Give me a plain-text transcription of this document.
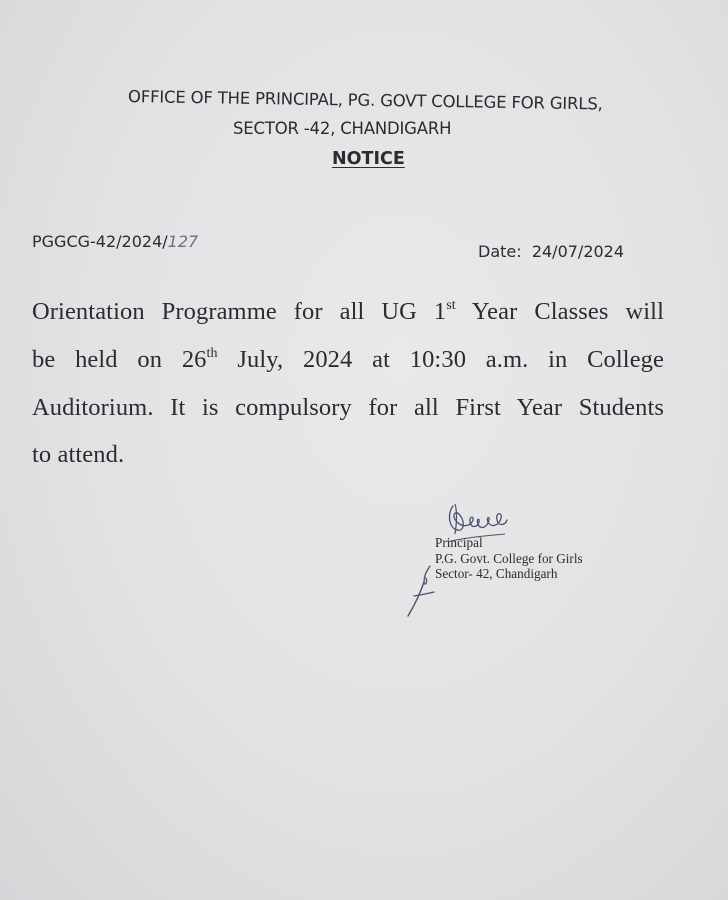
OFFICE OF THE PRINCIPAL, PG. GOVT COLLEGE FOR GIRLS,
SECTOR -42, CHANDIGARH
NOTICE
PGGCG-42/2024/127
Date: 24/07/2024
Orientation Programme for all UG 1st Year Classes will
be held on 26th July, 2024 at 10:30 a.m. in College
Auditorium. It is compulsory for all First Year Students
to attend.
Principal
P.G. Govt. College for Girls
Sector- 42, Chandigarh
